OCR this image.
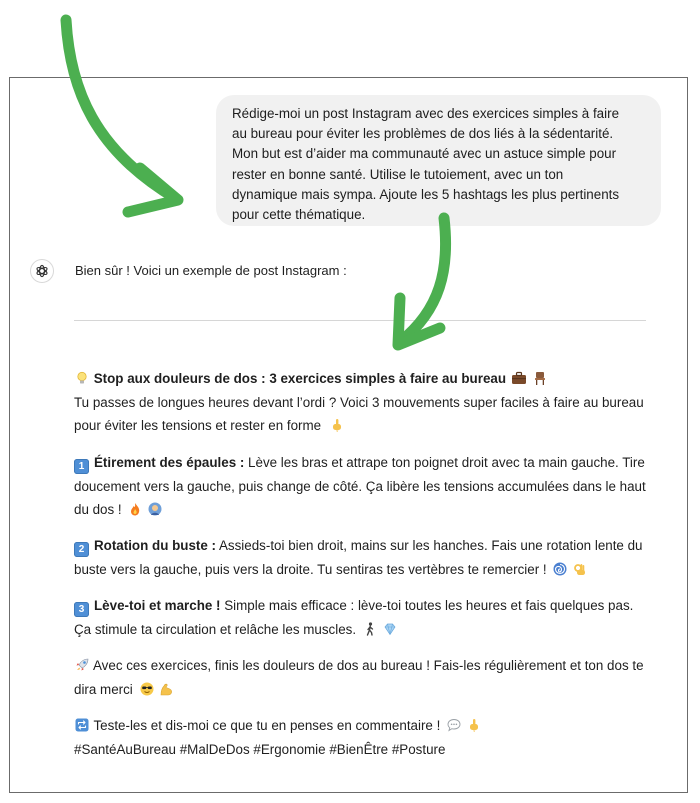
Rédige-moi un post Instagram avec des exercices simples à faire
au bureau pour éviter les problèmes de dos liés à la sédentarité.
Mon but est d’aider ma communauté avec un astuce simple pour
rester en bonne santé. Utilise le tutoiement, avec un ton
dynamique mais sympa. Ajoute les 5 hashtags les plus pertinents
pour cette thématique.
Bien sûr ! Voici un exemple de post Instagram :
Stop aux douleurs de dos : 3 exercices simples à faire au bureau
Tu passes de longues heures devant l’ordi ? Voici 3 mouvements super faciles à faire au bureau
pour éviter les tensions et rester en forme
1 Étirement des épaules : Lève les bras et attrape ton poignet droit avec ta main gauche. Tire
doucement vers la gauche, puis change de côté. Ça libère les tensions accumulées dans le haut
du dos !
2 Rotation du buste : Assieds-toi bien droit, mains sur les hanches. Fais une rotation lente du
buste vers la gauche, puis vers la droite. Tu sentiras tes vertèbres te remercier !
3 Lève-toi et marche ! Simple mais efficace : lève-toi toutes les heures et fais quelques pas.
Ça stimule ta circulation et relâche les muscles.
Avec ces exercices, finis les douleurs de dos au bureau ! Fais-les régulièrement et ton dos te
dira merci
Teste-les et dis-moi ce que tu en penses en commentaire !
#SantéAuBureau #MalDeDos #Ergonomie #BienÊtre #Posture
